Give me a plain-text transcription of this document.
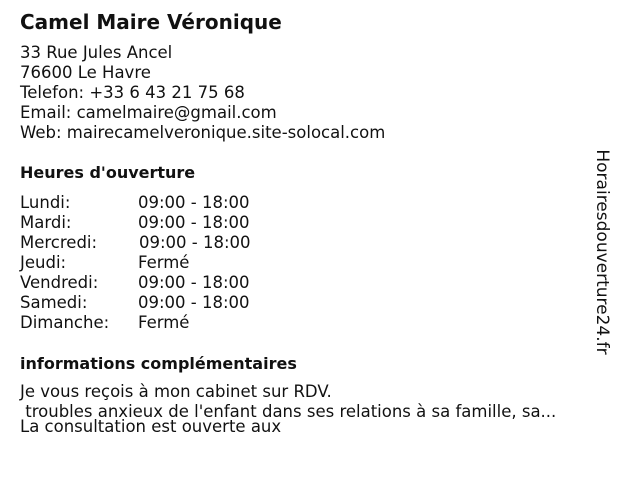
Camel Maire Véronique
33 Rue Jules Ancel
76600 Le Havre
Telefon: +33 6 43 21 75 68
Email: camelmaire@gmail.com
Web: mairecamelveronique.site-solocal.com
Heures d'ouverture
Lundi:	09:00 - 18:00
Mardi:	09:00 - 18:00
Mercredi:	09:00 - 18:00
Jeudi:	Fermé
Vendredi: 09:00 - 18:00
Samedi:	09:00 - 18:00
Dimanche: Fermé
informations complémentaires
Je vous reçois à mon cabinet sur RDV.
troubles anxieux de l'enfant dans ses relations à sa famille, sa...
La consultation est ouverte aux
Horairesdouverture24.fr
